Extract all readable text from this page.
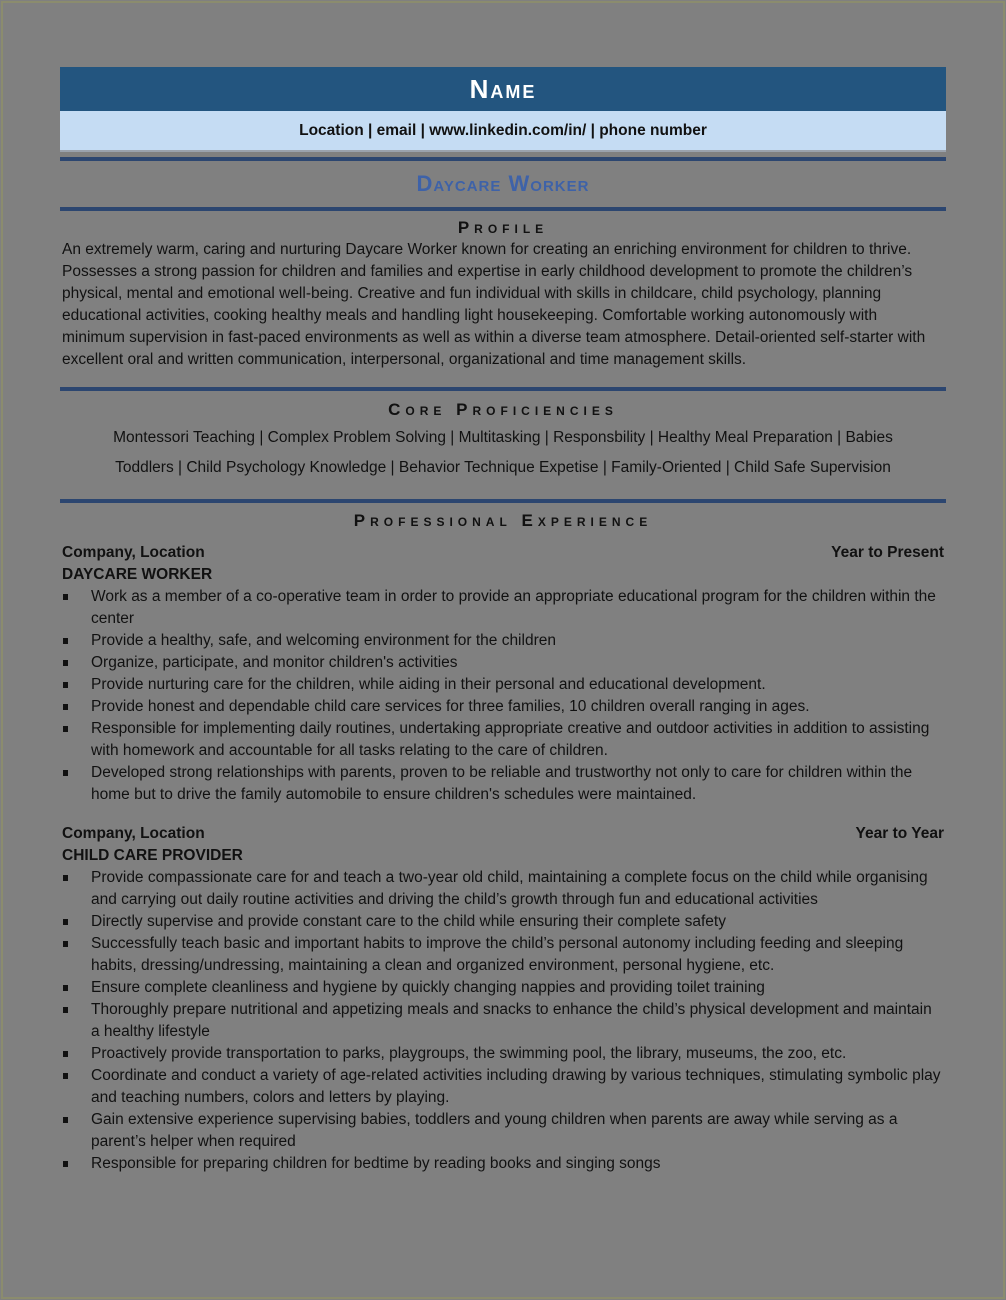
Name
Location | email | www.linkedin.com/in/ | phone number
Daycare Worker
Profile
An extremely warm, caring and nurturing Daycare Worker known for creating an enriching environment for children to thrive. Possesses a strong passion for children and families and expertise in early childhood development to promote the children’s physical, mental and emotional well-being. Creative and fun individual with skills in childcare, child psychology, planning educational activities, cooking healthy meals and handling light housekeeping. Comfortable working autonomously with minimum supervision in fast-paced environments as well as within a diverse team atmosphere. Detail-oriented self-starter with excellent oral and written communication, interpersonal, organizational and time management skills.
Core Proficiencies
Montessori Teaching | Complex Problem Solving | Multitasking | Responsbility | Healthy Meal Preparation | Babies
Toddlers | Child Psychology Knowledge | Behavior Technique Expetise | Family-Oriented | Child Safe Supervision
Professional Experience
Company, Location	Year to Present
DAYCARE WORKER
Work as a member of a co-operative team in order to provide an appropriate educational program for the children within the center
Provide a healthy, safe, and welcoming environment for the children
Organize, participate, and monitor children's activities
Provide nurturing care for the children, while aiding in their personal and educational development.
Provide honest and dependable child care services for three families, 10 children overall ranging in ages.
Responsible for implementing daily routines, undertaking appropriate creative and outdoor activities in addition to assisting with homework and accountable for all tasks relating to the care of children.
Developed strong relationships with parents, proven to be reliable and trustworthy not only to care for children within the home but to drive the family automobile to ensure children's schedules were maintained.
Company, Location	Year to Year
CHILD CARE PROVIDER
Provide compassionate care for and teach a two-year old child, maintaining a complete focus on the child while organising and carrying out daily routine activities and driving the child’s growth through fun and educational activities
Directly supervise and provide constant care to the child while ensuring their complete safety
Successfully teach basic and important habits to improve the child’s personal autonomy including feeding and sleeping habits, dressing/undressing, maintaining a clean and organized environment, personal hygiene, etc.
Ensure complete cleanliness and hygiene by quickly changing nappies and providing toilet training
Thoroughly prepare nutritional and appetizing meals and snacks to enhance the child’s physical development and maintain a healthy lifestyle
Proactively provide transportation to parks, playgroups, the swimming pool, the library, museums, the zoo, etc.
Coordinate and conduct a variety of age-related activities including drawing by various techniques, stimulating symbolic play and teaching numbers, colors and letters by playing.
Gain extensive experience supervising babies, toddlers and young children when parents are away while serving as a parent’s helper when required
Responsible for preparing children for bedtime by reading books and singing songs
